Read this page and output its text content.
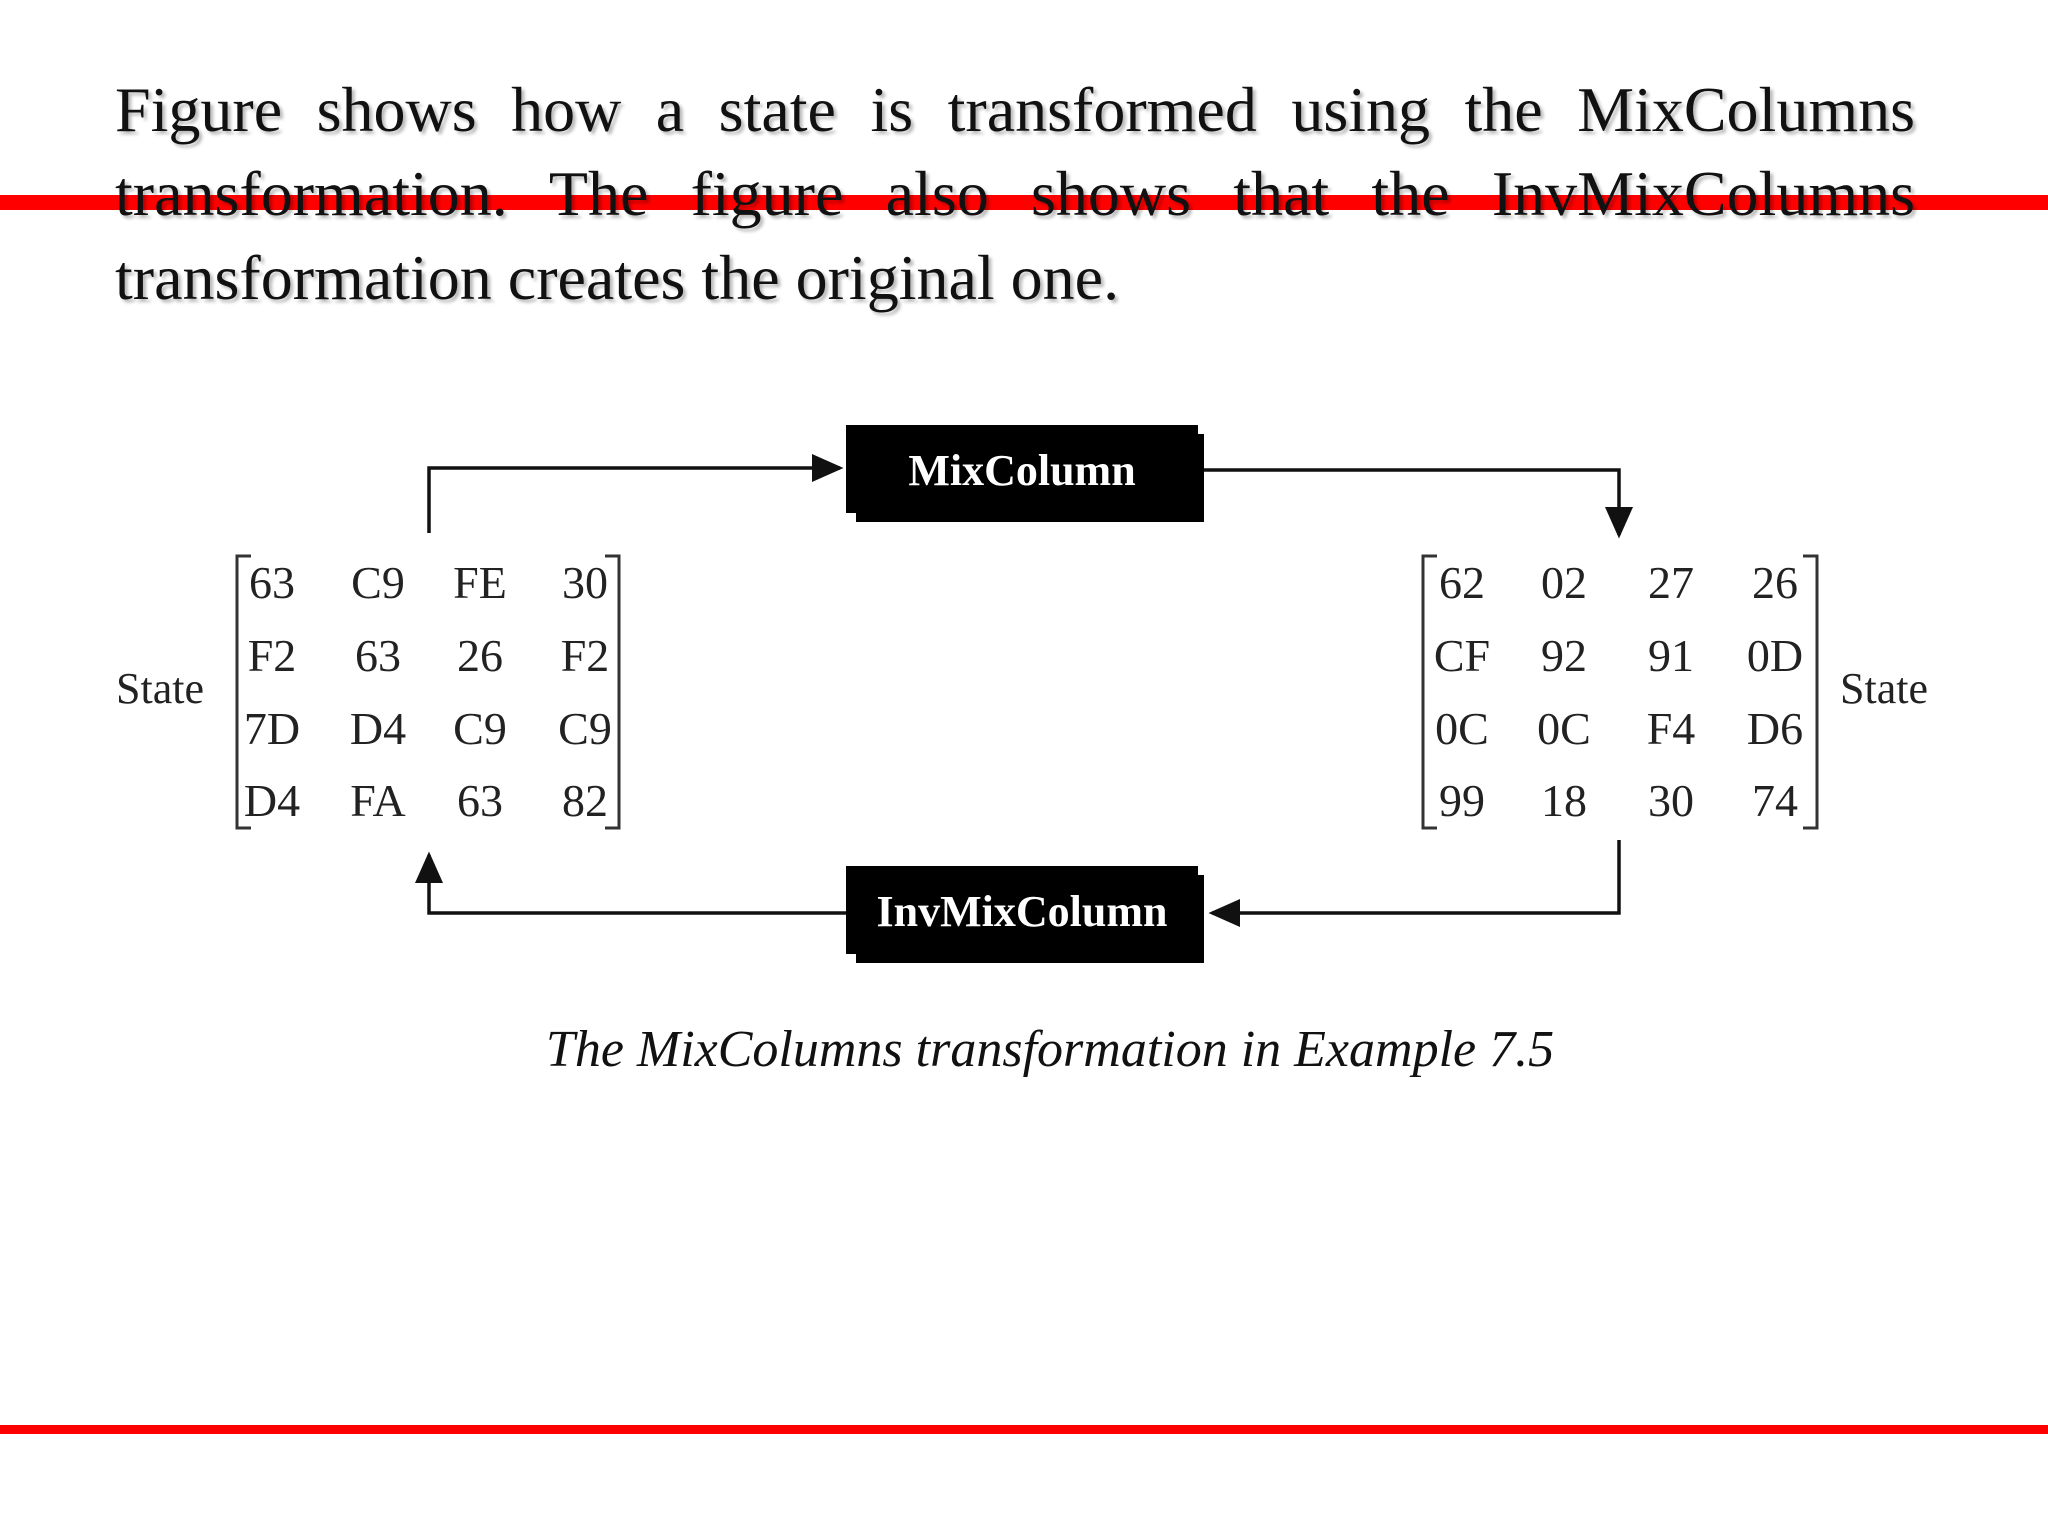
Figure shows how a state is transformed using the MixColumns transformation. The figure also shows that the InvMixColumns transformation creates the original one.

MixColumn
InvMixColumn
State
63 C9 FE 30
F2 63 26 F2
7D D4 C9 C9
D4 FA 63 82
62 02 27 26
CF 92 91 0D
0C 0C F4 D6
99 18 30 74
State

The MixColumns transformation in Example 7.5
